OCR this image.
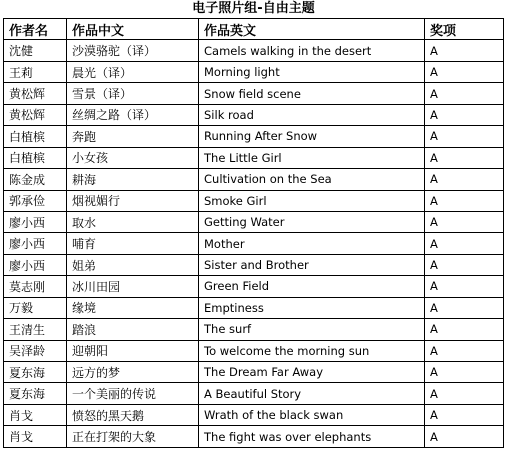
电子照片组-自由主题
作者名	作品中文	作品英文	奖项
沈健	沙漠骆驼（译）	Camels walking in the desert	A
王莉	晨光（译）	Morning light	A
黄松辉	雪景（译）	Snow field scene	A
黄松辉	丝绸之路（译）	Silk road	A
白植槟	奔跑	Running After Snow	A
白植槟	小女孩	The Little Girl	A
陈金成	耕海	Cultivation on the Sea	A
郭承俭	烟视媚行	Smoke Girl	A
廖小西	取水	Getting Water	A
廖小西	哺育	Mother	A
廖小西	姐弟	Sister and Brother	A
莫志刚	冰川田园	Green Field	A
万毅	缘境	Emptiness	A
王清生	踏浪	The surf	A
吴泽龄	迎朝阳	To welcome the morning sun	A
夏东海	远方的梦	The Dream Far Away	A
夏东海	一个美丽的传说	A Beautiful Story	A
肖戈	愤怒的黑天鹅	Wrath of the black swan	A
肖戈	正在打架的大象	The fight was over elephants	A
